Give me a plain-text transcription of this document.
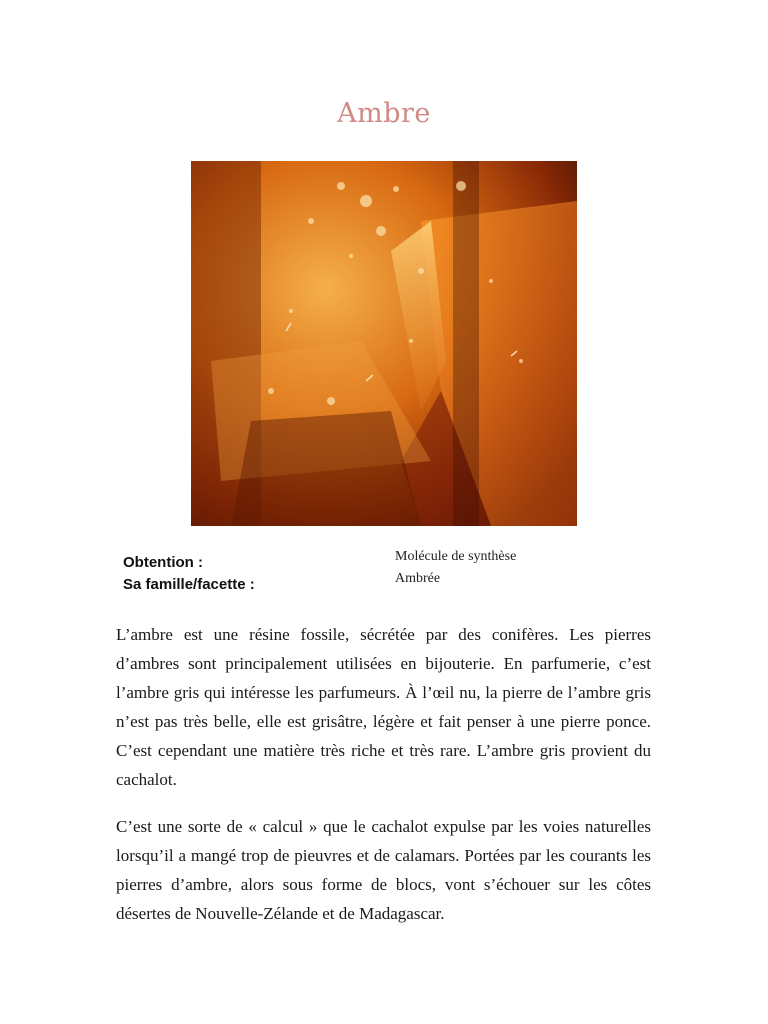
Ambre
Obtention :
Sa famille/facette :
Molécule de synthèse
Ambrée

L’ambre est une résine fossile, sécrétée par des conifères. Les pierres d’ambres sont principalement utilisées en bijouterie. En parfumerie, c’est l’ambre gris qui intéresse les parfumeurs. À l’œil nu, la pierre de l’ambre gris n’est pas très belle, elle est grisâtre, légère et fait penser à une pierre ponce. C’est cependant une matière très riche et très rare. L’ambre gris provient du cachalot.

C’est une sorte de « calcul » que le cachalot expulse par les voies naturelles lorsqu’il a mangé trop de pieuvres et de calamars. Portées par les courants les pierres d’ambre, alors sous forme de blocs, vont s’échouer sur les côtes désertes de Nouvelle-Zélande et de Madagascar.
